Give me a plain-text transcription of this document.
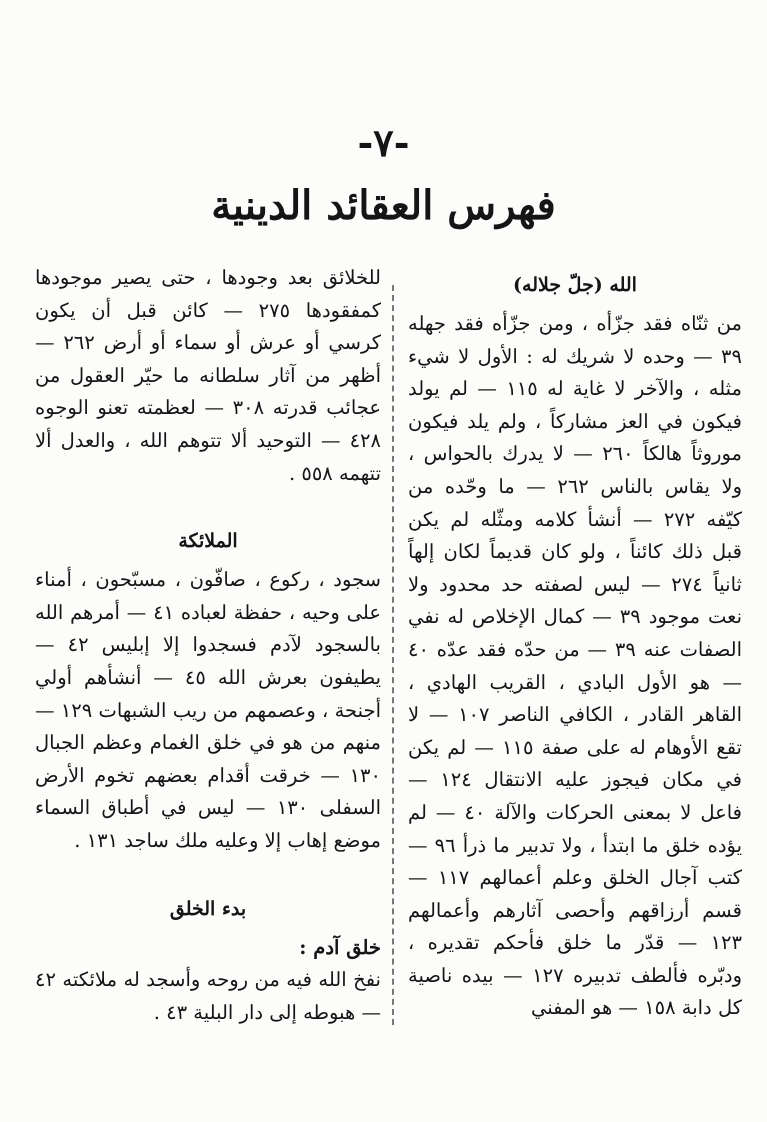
-٧-
فهرس العقائد الدينية
الله (جلّ جلاله)

من ثنّاه فقد جزّأه ، ومن جزّأه فقد جهله ٣٩ — وحده لا شريك له : الأول لا شيء مثله ، والآخر لا غاية له ١١٥ — لم يولد فيكون في العز مشاركاً ، ولم يلد فيكون موروثاً هالكاً ٢٦٠ — لا يدرك بالحواس ، ولا يقاس بالناس ٢٦٢ — ما وحّده من كيّفه ٢٧٢ — أنشأ كلامه ومثّله لم يكن قبل ذلك كائناً ، ولو كان قديماً لكان إلهاً ثانياً ٢٧٤ — ليس لصفته حد محدود ولا نعت موجود ٣٩ — كمال الإخلاص له نفي الصفات عنه ٣٩ — من حدّه فقد عدّه ٤٠ — هو الأول البادي ، القريب الهادي ، القاهر القادر ، الكافي الناصر ١٠٧ — لا تقع الأوهام له على صفة ١١٥ — لم يكن في مكان فيجوز عليه الانتقال ١٢٤ — فاعل لا بمعنى الحركات والآلة ٤٠ — لم يؤده خلق ما ابتدأ ، ولا تدبير ما ذرأ ٩٦ — كتب آجال الخلق وعلم أعمالهم ١١٧ — قسم أرزاقهم وأحصى آثارهم وأعمالهم ١٢٣ — قدّر ما خلق فأحكم تقديره ، ودبّره فألطف تدبيره ١٢٧ — بيده ناصية كل دابة ١٥٨ — هو المفني

للخلائق بعد وجودها ، حتى يصير موجودها كمفقودها ٢٧٥ — كائن قبل أن يكون كرسي أو عرش أو سماء أو أرض ٢٦٢ — أظهر من آثار سلطانه ما حيّر العقول من عجائب قدرته ٣٠٨ — لعظمته تعنو الوجوه ٤٢٨ — التوحيد ألا تتوهم الله ، والعدل ألا تتهمه ٥٥٨ .

الملائكة

سجود ، ركوع ، صافّون ، مسبّحون ، أمناء على وحيه ، حفظة لعباده ٤١ — أمرهم الله بالسجود لآدم فسجدوا إلا إبليس ٤٢ — يطيفون بعرش الله ٤٥ — أنشأهم أولي أجنحة ، وعصمهم من ريب الشبهات ١٢٩ — منهم من هو في خلق الغمام وعظم الجبال ١٣٠ — خرقت أقدام بعضهم تخوم الأرض السفلى ١٣٠ — ليس في أطباق السماء موضع إهاب إلا وعليه ملك ساجد ١٣١ .

بدء الخلق

خلق آدم :

نفخ الله فيه من روحه وأسجد له ملائكته ٤٢ — هبوطه إلى دار البلية ٤٣ .
